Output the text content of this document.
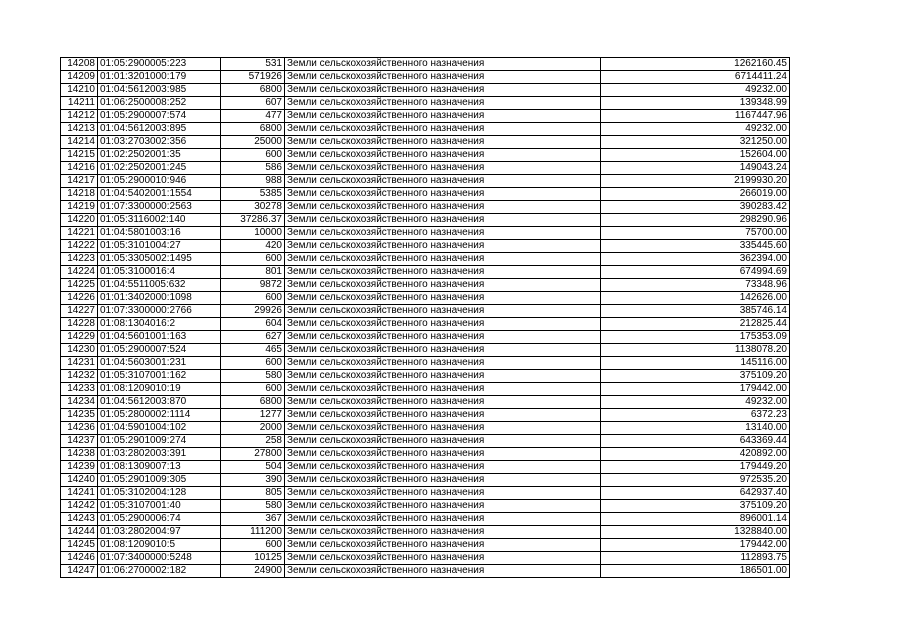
14208	01:05:2900005:223	531	Земли сельскохозяйственного назначения	1262160.45
14209	01:01:3201000:179	571926	Земли сельскохозяйственного назначения	6714411.24
14210	01:04:5612003:985	6800	Земли сельскохозяйственного назначения	49232.00
14211	01:06:2500008:252	607	Земли сельскохозяйственного назначения	139348.99
14212	01:05:2900007:574	477	Земли сельскохозяйственного назначения	1167447.96
14213	01:04:5612003:895	6800	Земли сельскохозяйственного назначения	49232.00
14214	01:03:2703002:356	25000	Земли сельскохозяйственного назначения	321250.00
14215	01:02:2502001:35	600	Земли сельскохозяйственного назначения	152604.00
14216	01:02:2502001:245	586	Земли сельскохозяйственного назначения	149043.24
14217	01:05:2900010:946	988	Земли сельскохозяйственного назначения	2199930.20
14218	01:04:5402001:1554	5385	Земли сельскохозяйственного назначения	266019.00
14219	01:07:3300000:2563	30278	Земли сельскохозяйственного назначения	390283.42
14220	01:05:3116002:140	37286.37	Земли сельскохозяйственного назначения	298290.96
14221	01:04:5801003:16	10000	Земли сельскохозяйственного назначения	75700.00
14222	01:05:3101004:27	420	Земли сельскохозяйственного назначения	335445.60
14223	01:05:3305002:1495	600	Земли сельскохозяйственного назначения	362394.00
14224	01:05:3100016:4	801	Земли сельскохозяйственного назначения	674994.69
14225	01:04:5511005:632	9872	Земли сельскохозяйственного назначения	73348.96
14226	01:01:3402000:1098	600	Земли сельскохозяйственного назначения	142626.00
14227	01:07:3300000:2766	29926	Земли сельскохозяйственного назначения	385746.14
14228	01:08:1304016:2	604	Земли сельскохозяйственного назначения	212825.44
14229	01:04:5601001:163	627	Земли сельскохозяйственного назначения	175353.09
14230	01:05:2900007:524	465	Земли сельскохозяйственного назначения	1138078.20
14231	01:04:5603001:231	600	Земли сельскохозяйственного назначения	145116.00
14232	01:05:3107001:162	580	Земли сельскохозяйственного назначения	375109.20
14233	01:08:1209010:19	600	Земли сельскохозяйственного назначения	179442.00
14234	01:04:5612003:870	6800	Земли сельскохозяйственного назначения	49232.00
14235	01:05:2800002:1114	1277	Земли сельскохозяйственного назначения	6372.23
14236	01:04:5901004:102	2000	Земли сельскохозяйственного назначения	13140.00
14237	01:05:2901009:274	258	Земли сельскохозяйственного назначения	643369.44
14238	01:03:2802003:391	27800	Земли сельскохозяйственного назначения	420892.00
14239	01:08:1309007:13	504	Земли сельскохозяйственного назначения	179449.20
14240	01:05:2901009:305	390	Земли сельскохозяйственного назначения	972535.20
14241	01:05:3102004:128	805	Земли сельскохозяйственного назначения	642937.40
14242	01:05:3107001:40	580	Земли сельскохозяйственного назначения	375109.20
14243	01:05:2900006:74	367	Земли сельскохозяйственного назначения	896001.14
14244	01:03:2802004:97	111200	Земли сельскохозяйственного назначения	1328840.00
14245	01:08:1209010:5	600	Земли сельскохозяйственного назначения	179442.00
14246	01:07:3400000:5248	10125	Земли сельскохозяйственного назначения	112893.75
14247	01:06:2700002:182	24900	Земли сельскохозяйственного назначения	186501.00
